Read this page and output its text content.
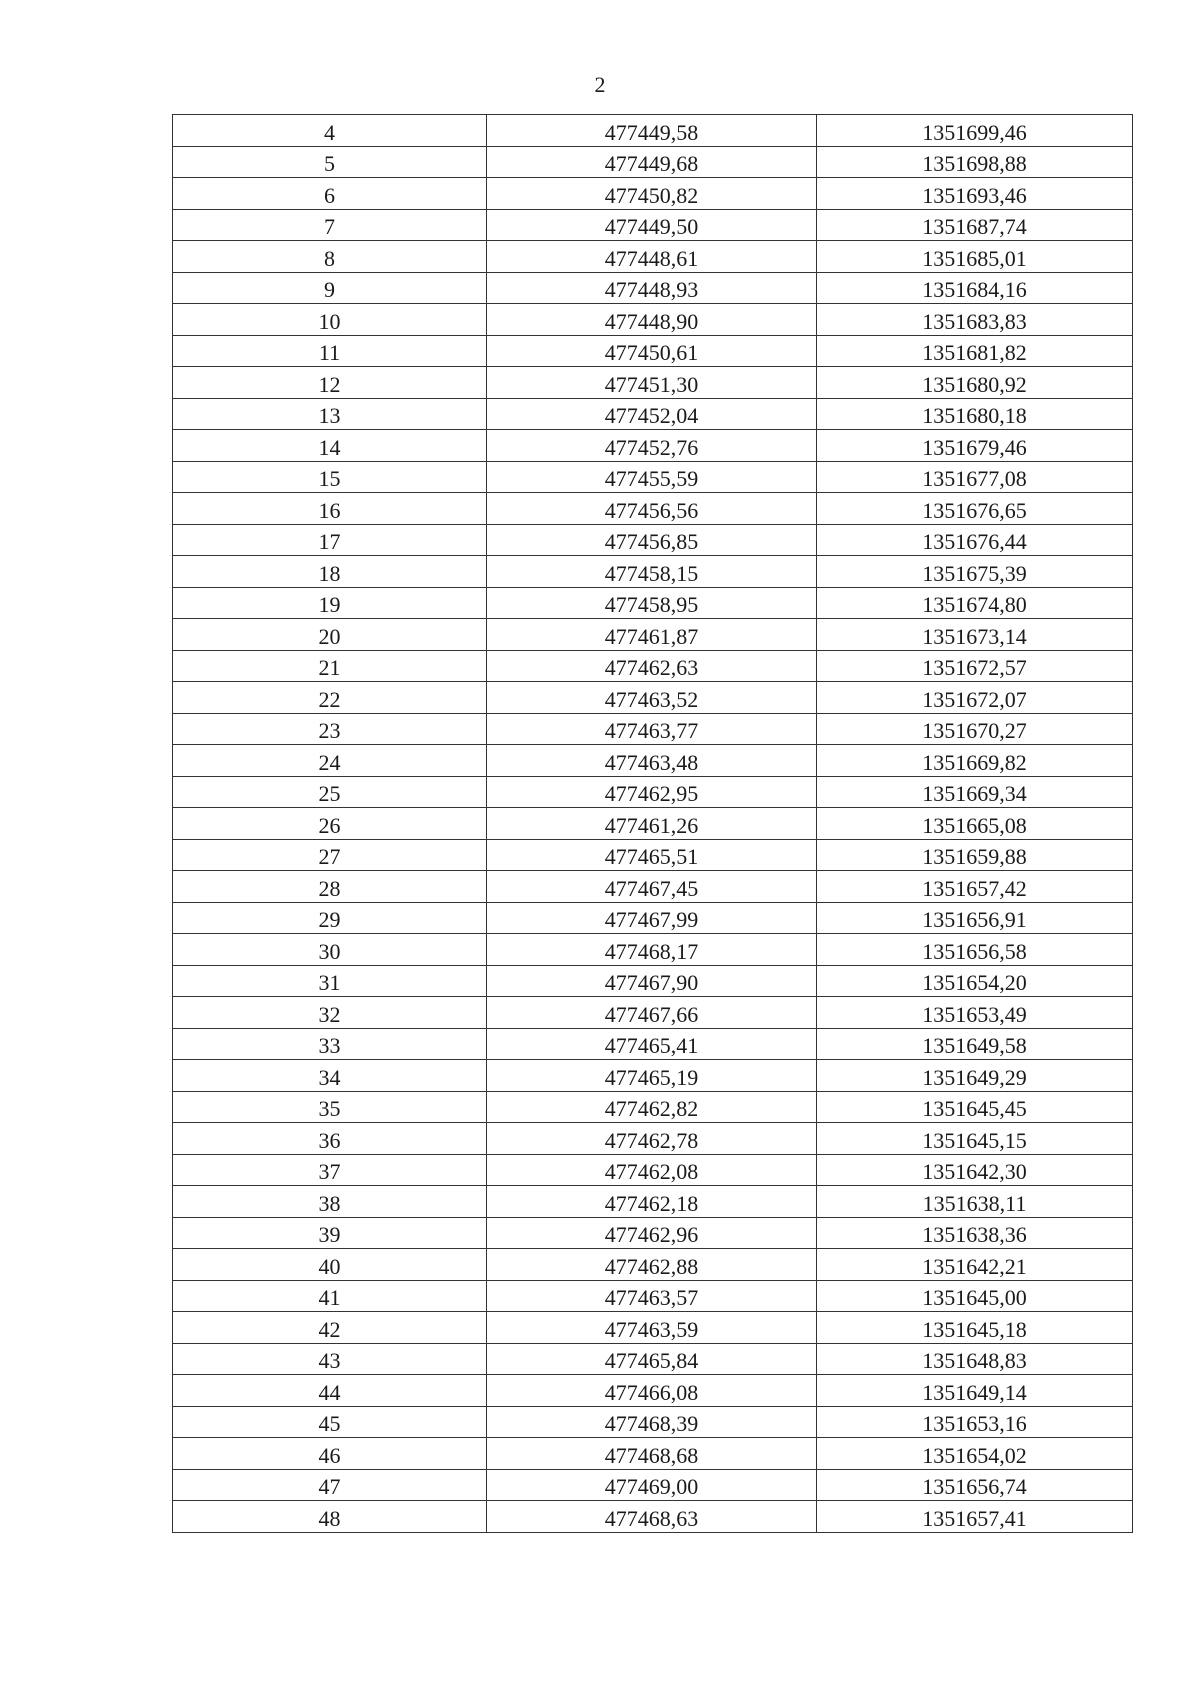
2
4	477449,58	1351699,46
5	477449,68	1351698,88
6	477450,82	1351693,46
7	477449,50	1351687,74
8	477448,61	1351685,01
9	477448,93	1351684,16
10	477448,90	1351683,83
11	477450,61	1351681,82
12	477451,30	1351680,92
13	477452,04	1351680,18
14	477452,76	1351679,46
15	477455,59	1351677,08
16	477456,56	1351676,65
17	477456,85	1351676,44
18	477458,15	1351675,39
19	477458,95	1351674,80
20	477461,87	1351673,14
21	477462,63	1351672,57
22	477463,52	1351672,07
23	477463,77	1351670,27
24	477463,48	1351669,82
25	477462,95	1351669,34
26	477461,26	1351665,08
27	477465,51	1351659,88
28	477467,45	1351657,42
29	477467,99	1351656,91
30	477468,17	1351656,58
31	477467,90	1351654,20
32	477467,66	1351653,49
33	477465,41	1351649,58
34	477465,19	1351649,29
35	477462,82	1351645,45
36	477462,78	1351645,15
37	477462,08	1351642,30
38	477462,18	1351638,11
39	477462,96	1351638,36
40	477462,88	1351642,21
41	477463,57	1351645,00
42	477463,59	1351645,18
43	477465,84	1351648,83
44	477466,08	1351649,14
45	477468,39	1351653,16
46	477468,68	1351654,02
47	477469,00	1351656,74
48	477468,63	1351657,41
